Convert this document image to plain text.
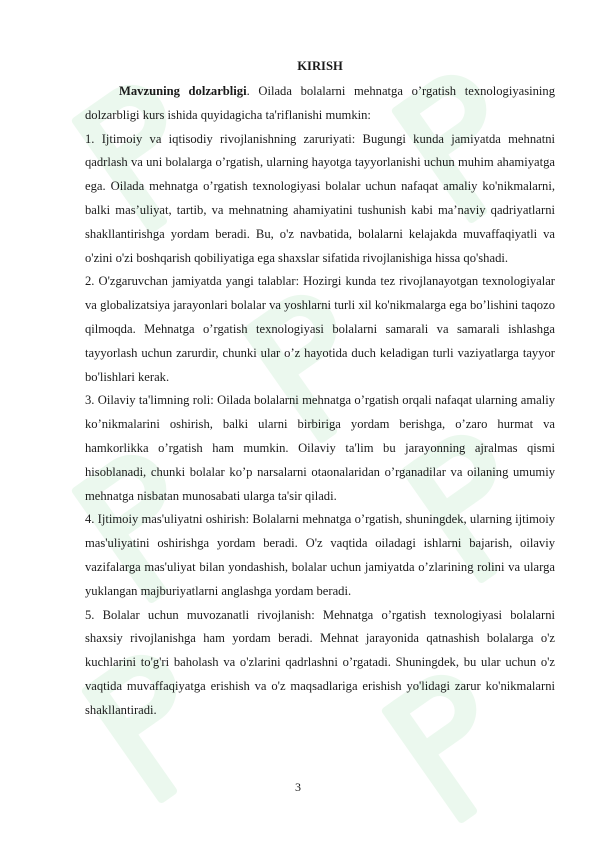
KIRISH

Mavzuning dolzarbligi. Oilada bolalarni mehnatga o’rgatish texnologiyasining dolzarbligi kurs ishida quyidagicha ta'riflanishi mumkin:

1. Ijtimoiy va iqtisodiy rivojlanishning zaruriyati: Bugungi kunda jamiyatda mehnatni qadrlash va uni bolalarga o’rgatish, ularning hayotga tayyorlanishi uchun muhim ahamiyatga ega. Oilada mehnatga o’rgatish texnologiyasi bolalar uchun nafaqat amaliy ko'nikmalarni, balki mas’uliyat, tartib, va mehnatning ahamiyatini tushunish kabi ma’naviy qadriyatlarni shakllantirishga yordam beradi. Bu, o'z navbatida, bolalarni kelajakda muvaffaqiyatli va o'zini o'zi boshqarish qobiliyatiga ega shaxslar sifatida rivojlanishiga hissa qo'shadi.

2. O'zgaruvchan jamiyatda yangi talablar: Hozirgi kunda tez rivojlanayotgan texnologiyalar va globalizatsiya jarayonlari bolalar va yoshlarni turli xil ko'nikmalarga ega bo’lishini taqozo qilmoqda. Mehnatga o’rgatish texnologiyasi bolalarni samarali va samarali ishlashga tayyorlash uchun zarurdir, chunki ular o’z hayotida duch keladigan turli vaziyatlarga tayyor bo'lishlari kerak.

3. Oilaviy ta'limning roli: Oilada bolalarni mehnatga o’rgatish orqali nafaqat ularning amaliy ko’nikmalarini oshirish, balki ularni birbiriga yordam berishga, o’zaro hurmat va hamkorlikka o’rgatish ham mumkin. Oilaviy ta'lim bu jarayonning ajralmas qismi hisoblanadi, chunki bolalar ko’p narsalarni otaonalaridan o’rganadilar va oilaning umumiy mehnatga nisbatan munosabati ularga ta'sir qiladi.

4. Ijtimoiy mas'uliyatni oshirish: Bolalarni mehnatga o’rgatish, shuningdek, ularning ijtimoiy mas'uliyatini oshirishga yordam beradi. O'z vaqtida oiladagi ishlarni bajarish, oilaviy vazifalarga mas'uliyat bilan yondashish, bolalar uchun jamiyatda o’zlarining rolini va ularga yuklangan majburiyatlarni anglashga yordam beradi.

5. Bolalar uchun muvozanatli rivojlanish: Mehnatga o’rgatish texnologiyasi bolalarni shaxsiy rivojlanishga ham yordam beradi. Mehnat jarayonida qatnashish bolalarga o'z kuchlarini to'g'ri baholash va o'zlarini qadrlashni o’rgatadi. Shuningdek, bu ular uchun o'z vaqtida muvaffaqiyatga erishish va o'z maqsadlariga erishish yo'lidagi zarur ko'nikmalarni shakllantiradi.

3
